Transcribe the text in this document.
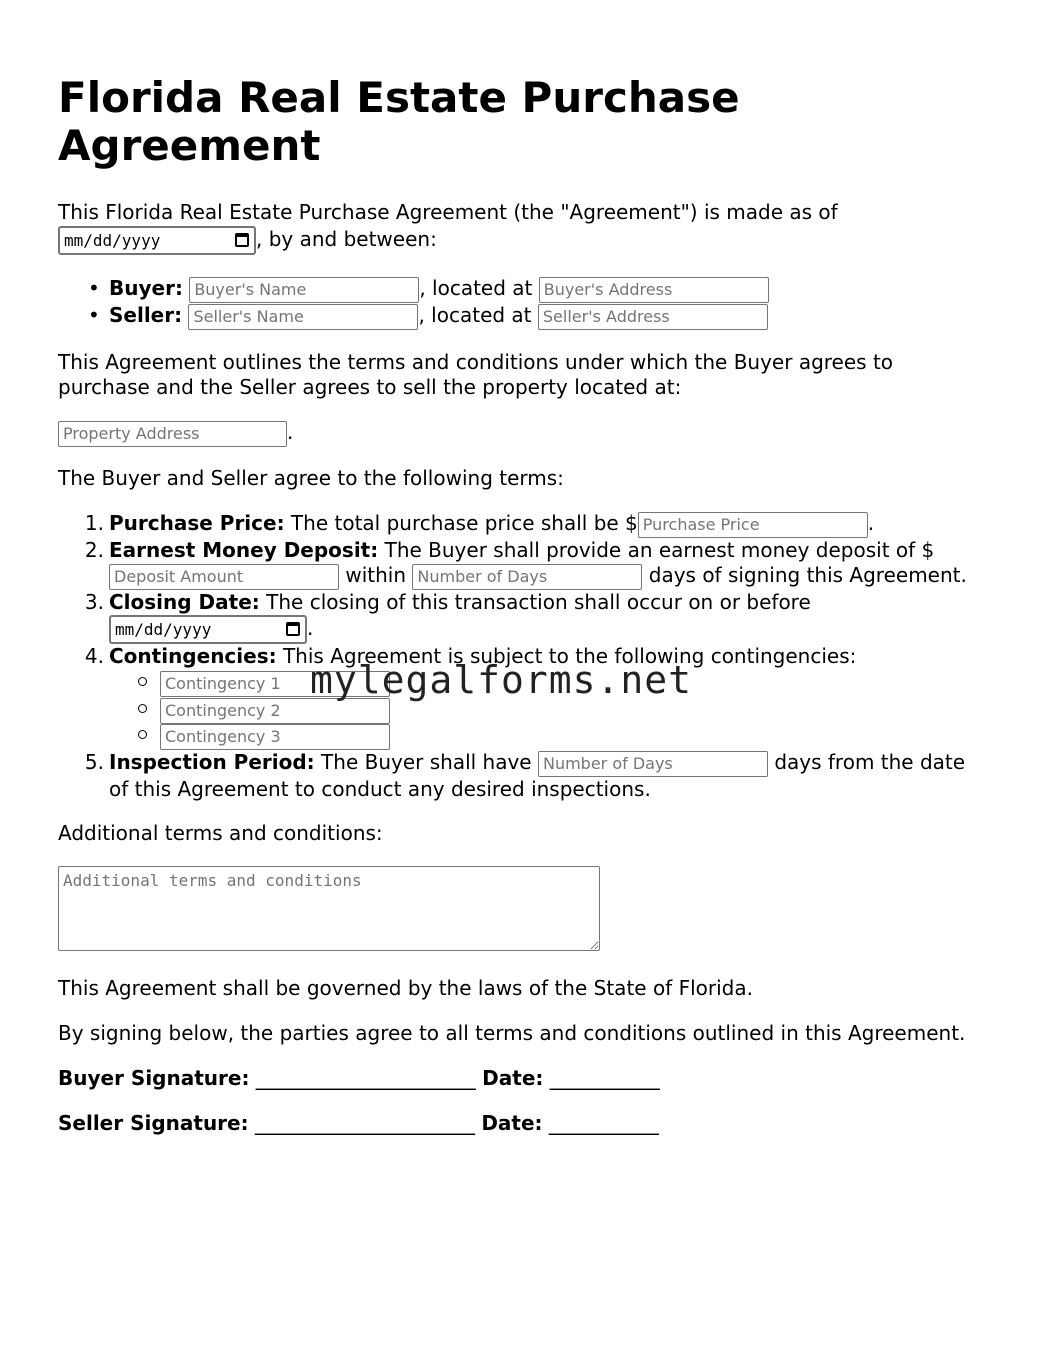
Florida Real Estate Purchase Agreement
This Florida Real Estate Purchase Agreement (the "Agreement") is made as of
mm/dd/yyyy	, by and between:
• Buyer: Buyer's Name	, located at Buyer's Address
• Seller: Seller's Name	, located at Seller's Address
This Agreement outlines the terms and conditions under which the Buyer agrees to
purchase and the Seller agrees to sell the property located at:
Property Address.
The Buyer and Seller agree to the following terms:
1. Purchase Price: The total purchase price shall be $Purchase Price	.
2. Earnest Money Deposit: The Buyer shall provide an earnest money deposit of $
Deposit Amount within Number of Days	days of signing this Agreement.
3. Closing Date: The closing of this transaction shall occur on or before
mm/dd/yyyy	.
4. Contingencies: This Agreement is subject to the following contingencies:
Contingency 1
Contingency 2
Contingency 3
5. Inspection Period: The Buyer shall have Number of Days	days from the date
of this Agreement to conduct any desired inspections.
Additional terms and conditions:
Additional terms and conditions
This Agreement shall be governed by the laws of the State of Florida.
By signing below, the parties agree to all terms and conditions outlined in this Agreement.
Buyer Signature: ______________________ Date: ___________
Seller Signature: ______________________ Date: ___________
mylegalforms.net
